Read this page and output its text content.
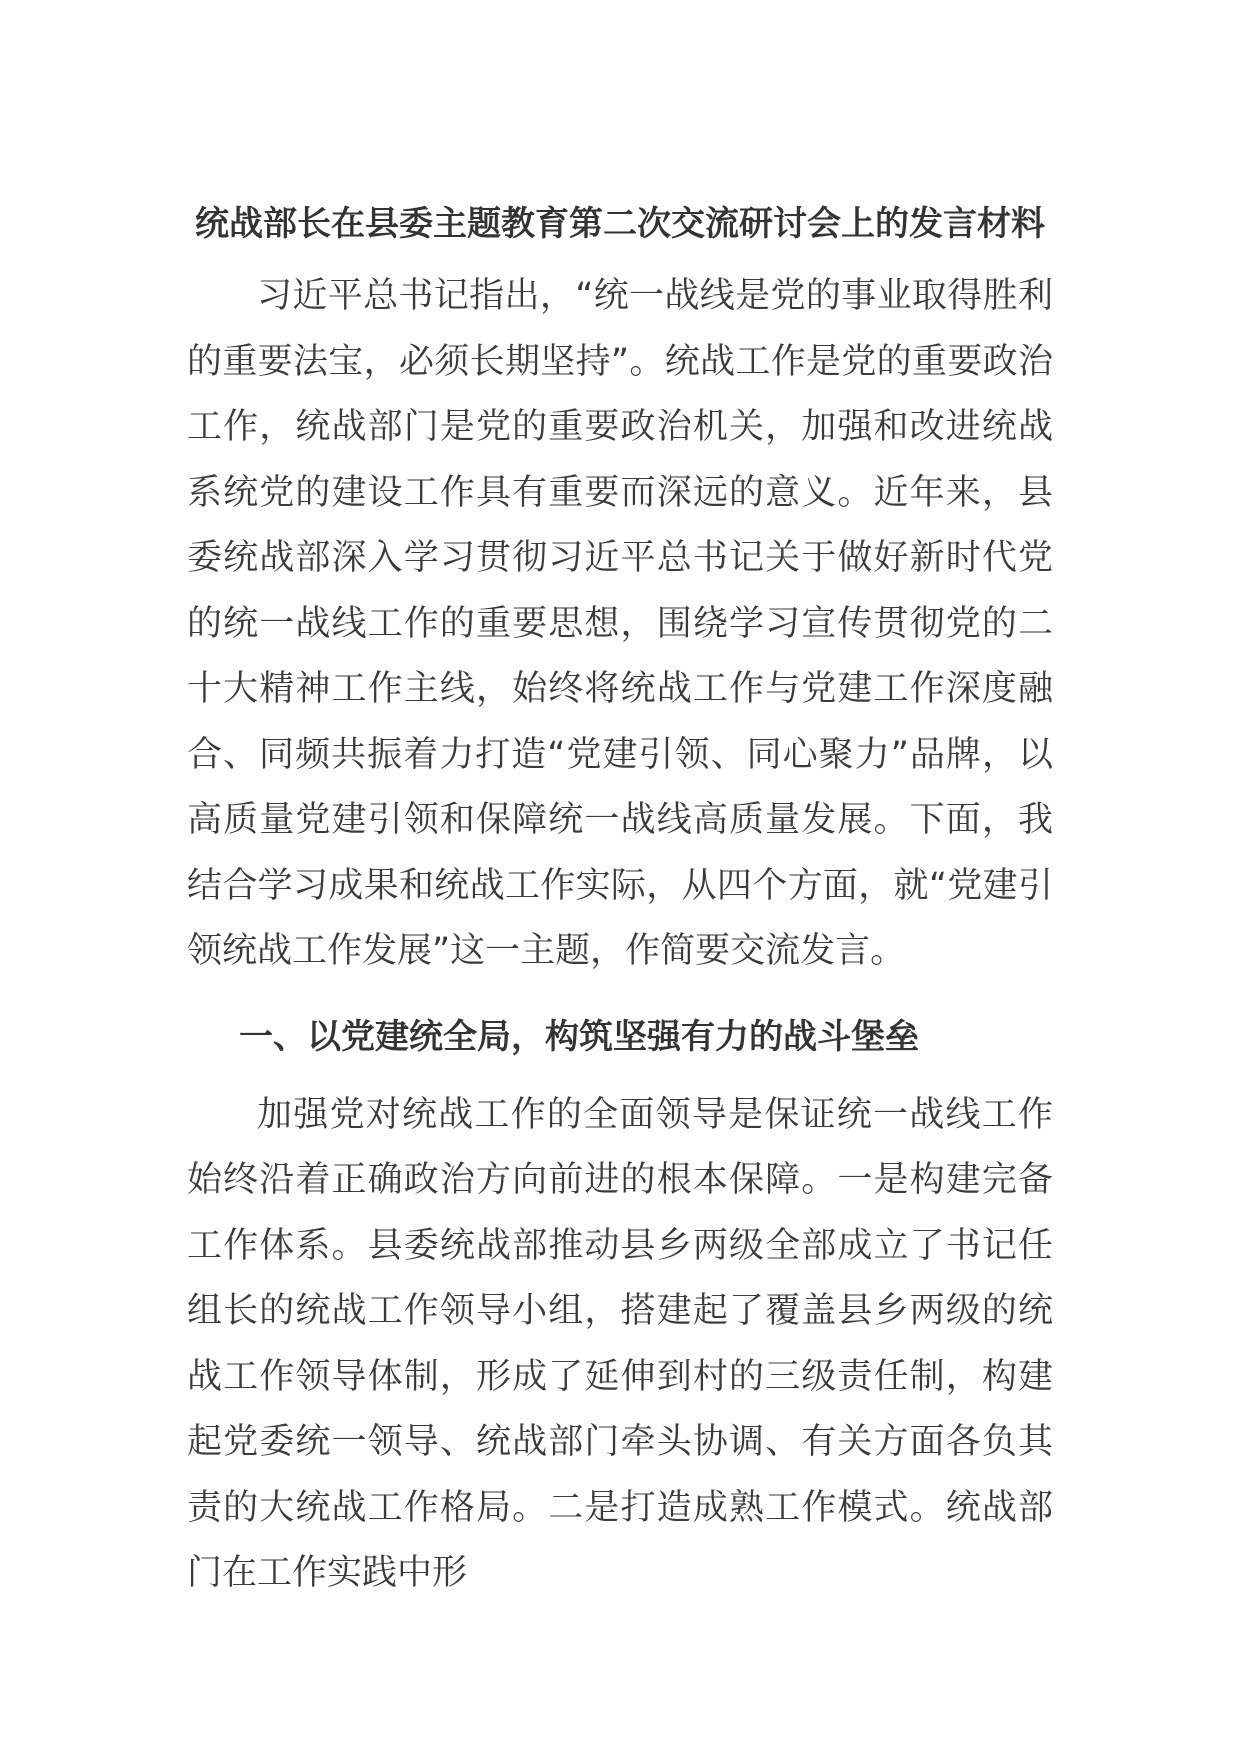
统战部长在县委主题教育第二次交流研讨会上的发言材料

习近平总书记指出，“统一战线是党的事业取得胜利的重要法宝，必须长期坚持”。统战工作是党的重要政治工作，统战部门是党的重要政治机关，加强和改进统战系统党的建设工作具有重要而深远的意义。近年来，县委统战部深入学习贯彻习近平总书记关于做好新时代党的统一战线工作的重要思想，围绕学习宣传贯彻党的二十大精神工作主线，始终将统战工作与党建工作深度融合、同频共振着力打造“党建引领、同心聚力”品牌，以高质量党建引领和保障统一战线高质量发展。下面，我结合学习成果和统战工作实际，从四个方面，就“党建引领统战工作发展”这一主题，作简要交流发言。

一、以党建统全局，构筑坚强有力的战斗堡垒

加强党对统战工作的全面领导是保证统一战线工作始终沿着正确政治方向前进的根本保障。一是构建完备工作体系。县委统战部推动县乡两级全部成立了书记任组长的统战工作领导小组，搭建起了覆盖县乡两级的统战工作领导体制，形成了延伸到村的三级责任制，构建起党委统一领导、统战部门牵头协调、有关方面各负其责的大统战工作格局。二是打造成熟工作模式。统战部门在工作实践中形
